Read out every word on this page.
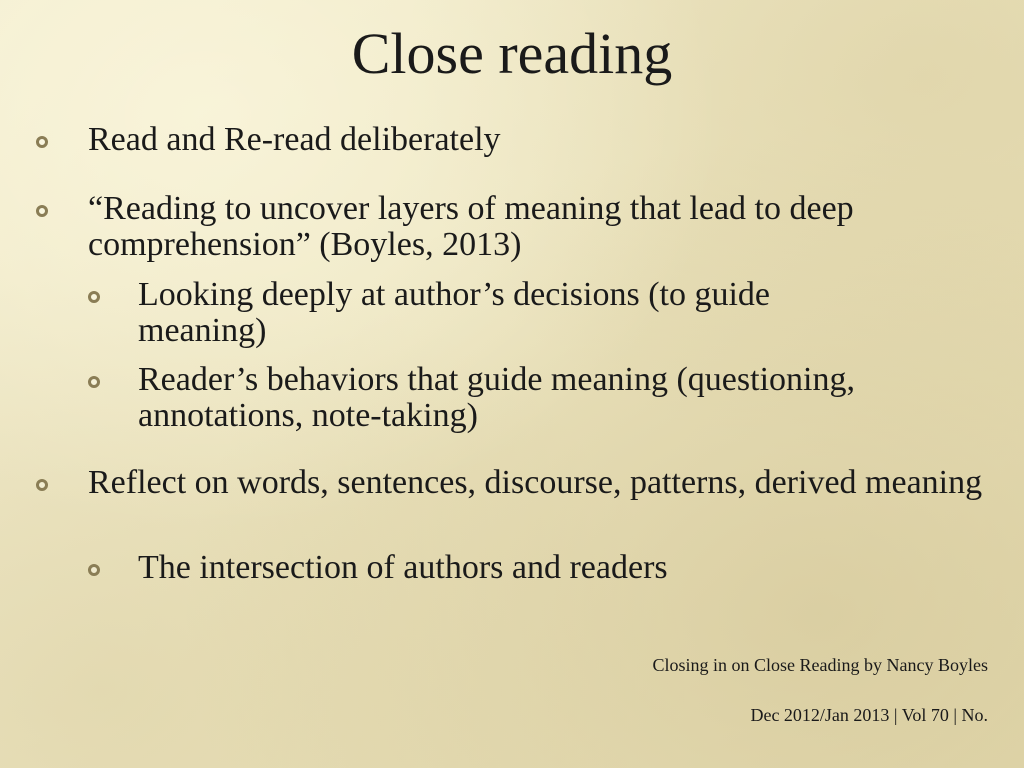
Close reading
Read and Re-read deliberately
“Reading to uncover layers of meaning that lead to deep comprehension” (Boyles, 2013)
Looking deeply at author’s decisions (to guide meaning)
Reader’s behaviors that guide meaning (questioning, annotations, note-taking)
Reflect on words, sentences, discourse, patterns, derived meaning
The intersection of authors and readers
Closing in on Close Reading by Nancy Boyles
Dec 2012/Jan 2013 | Vol 70 | No.
